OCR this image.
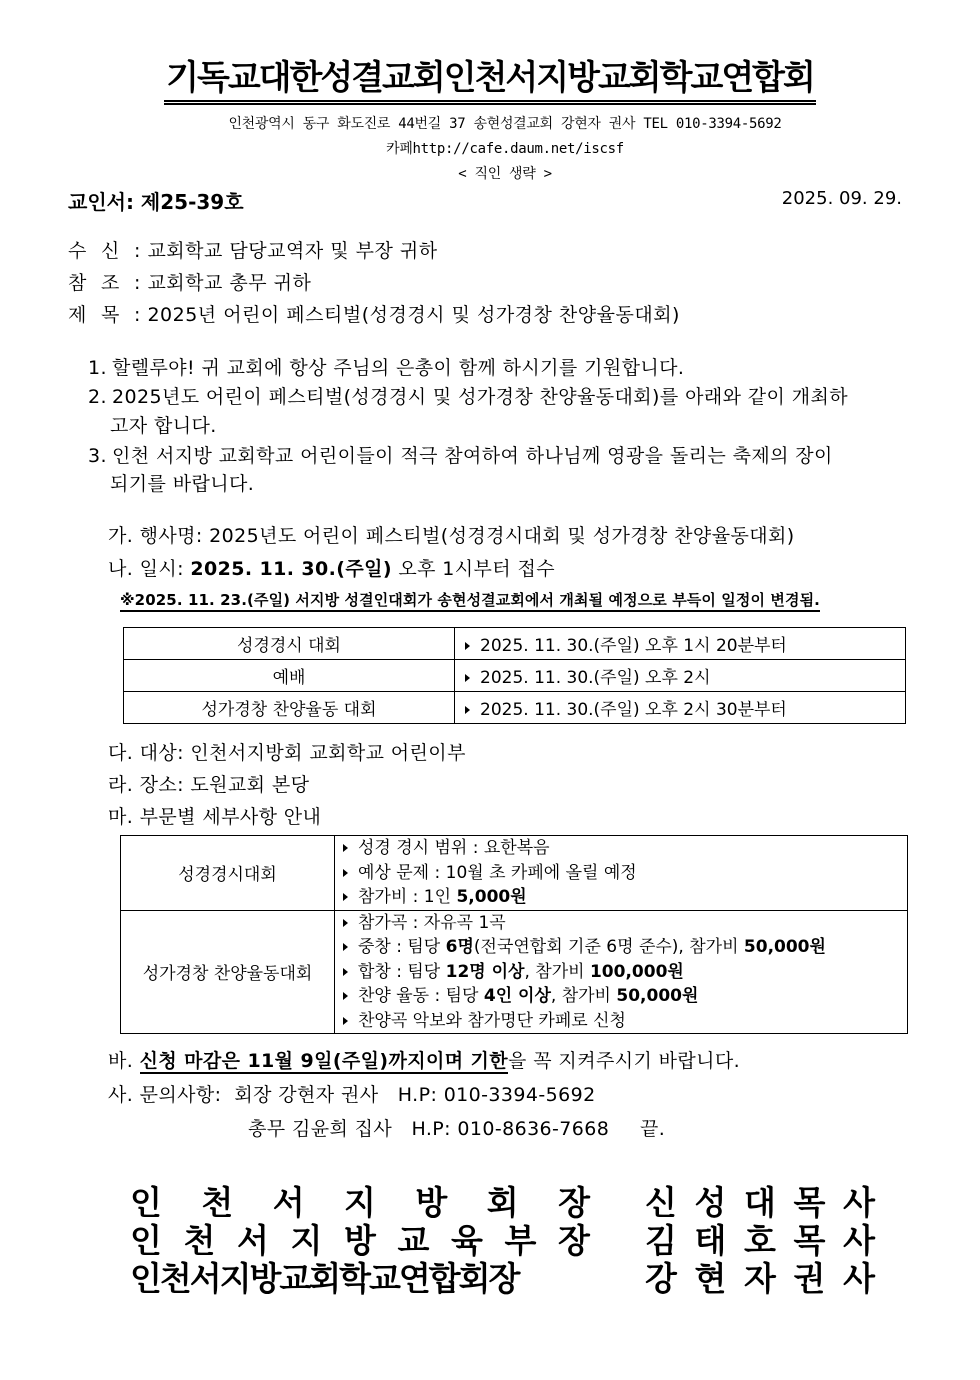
기독교대한성결교회인천서지방교회학교연합회
인천광역시 동구 화도진로 44번길 37 송현성결교회 강현자 권사 TEL 010-3394-5692
카페http://cafe.daum.net/iscsf
< 직인 생략 >
교인서: 제25-39호	2025. 09. 29.
수 신 : 교회학교 담당교역자 및 부장 귀하
참 조 : 교회학교 총무 귀하
제 목 : 2025년 어린이 페스티벌(성경경시 및 성가경창 찬양율동대회)
1. 할렐루야! 귀 교회에 항상 주님의 은총이 함께 하시기를 기원합니다.
2. 2025년도 어린이 페스티벌(성경경시 및 성가경창 찬양율동대회)를 아래와 같이 개최하
고자 합니다.
3. 인천 서지방 교회학교 어린이들이 적극 참여하여 하나님께 영광을 돌리는 축제의 장이
되기를 바랍니다.
가. 행사명: 2025년도 어린이 페스티벌(성경경시대회 및 성가경창 찬양율동대회)
나. 일시: 2025. 11. 30.(주일) 오후 1시부터 접수
※2025. 11. 23.(주일) 서지방 성결인대회가 송현성결교회에서 개최될 예정으로 부득이 일정이 변경됨.
성경경시 대회	2025. 11. 30.(주일) 오후 1시 20분부터
예배	2025. 11. 30.(주일) 오후 2시
성가경창 찬양율동 대회	2025. 11. 30.(주일) 오후 2시 30분부터
다. 대상: 인천서지방회 교회학교 어린이부
라. 장소: 도원교회 본당
마. 부문별 세부사항 안내
성경경시대회	성경 경시 범위 : 요한복음
예상 문제 : 10월 초 카페에 올릴 예정
참가비 : 1인 5,000원

성가경창 찬양율동대회	참가곡 : 자유곡 1곡
중창 : 팀당 6명(전국연합회 기준 6명 준수), 참가비 50,000원
합창 : 팀당 12명 이상, 참가비 100,000원
찬양 율동 : 팀당 4인 이상, 참가비 50,000원
찬양곡 악보와 참가명단 카페로 신청
바. 신청 마감은 11월 9일(주일)까지이며 기한을 꼭 지켜주시기 바랍니다.
사. 문의사항:  회장 강현자 권사   H.P: 010-3394-5692
총무 김윤희 집사   H.P: 010-8636-7668 끝.
인 천 서 지 방 회 장 신 성 대 목 사
인 천 서 지 방 교 육 부 장 김 태 호 목 사
인천서지방교회학교연합회장	강 현 자 권 사
